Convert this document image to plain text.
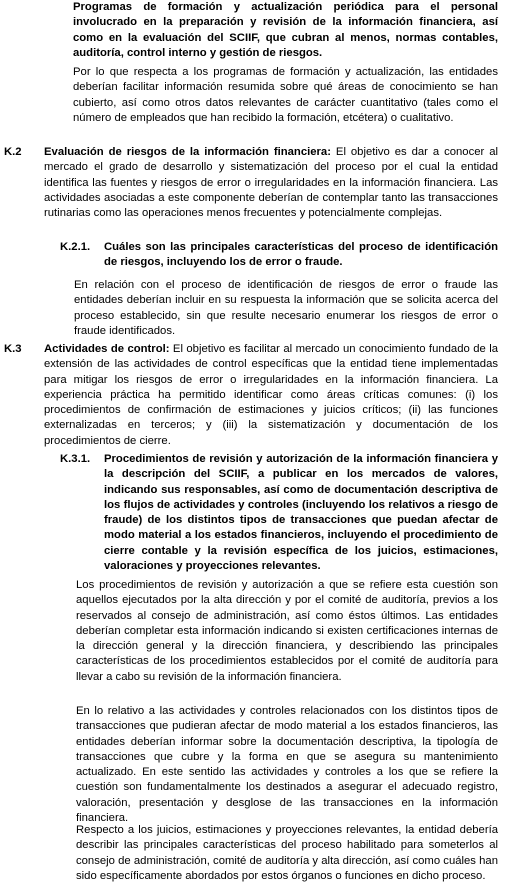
Programas de formación y actualización periódica para el personal involucrado en la preparación y revisión de la información financiera, así como en la evaluación del SCIIF, que cubran al menos, normas contables, auditoría, control interno y gestión de riesgos.

Por lo que respecta a los programas de formación y actualización, las entidades deberían facilitar información resumida sobre qué áreas de conocimiento se han cubierto, así como otros datos relevantes de carácter cuantitativo (tales como el número de empleados que han recibido la formación, etcétera) o cualitativo.

K.2	Evaluación de riesgos de la información financiera: El objetivo es dar a conocer al mercado el grado de desarrollo y sistematización del proceso por el cual la entidad identifica las fuentes y riesgos de error o irregularidades en la información financiera. Las actividades asociadas a este componente deberían de contemplar tanto las transacciones rutinarias como las operaciones menos frecuentes y potencialmente complejas.

K.2.1.	Cuáles son las principales características del proceso de identificación de riesgos, incluyendo los de error o fraude.

En relación con el proceso de identificación de riesgos de error o fraude las entidades deberían incluir en su respuesta la información que se solicita acerca del proceso establecido, sin que resulte necesario enumerar los riesgos de error o fraude identificados.

K.3	Actividades de control: El objetivo es facilitar al mercado un conocimiento fundado de la extensión de las actividades de control específicas que la entidad tiene implementadas para mitigar los riesgos de error o irregularidades en la información financiera. La experiencia práctica ha permitido identificar como áreas críticas comunes: (i) los procedimientos de confirmación de estimaciones y juicios críticos; (ii) las funciones externalizadas en terceros; y (iii) la sistematización y documentación de los procedimientos de cierre.

K.3.1.	Procedimientos de revisión y autorización de la información financiera y la descripción del SCIIF, a publicar en los mercados de valores, indicando sus responsables, así como de documentación descriptiva de los flujos de actividades y controles (incluyendo los relativos a riesgo de fraude) de los distintos tipos de transacciones que puedan afectar de modo material a los estados financieros, incluyendo el procedimiento de cierre contable y la revisión específica de los juicios, estimaciones, valoraciones y proyecciones relevantes.

Los procedimientos de revisión y autorización a que se refiere esta cuestión son aquellos ejecutados por la alta dirección y por el comité de auditoría, previos a los reservados al consejo de administración, así como éstos últimos. Las entidades deberían completar esta información indicando si existen certificaciones internas de la dirección general y la dirección financiera, y describiendo las principales características de los procedimientos establecidos por el comité de auditoría para llevar a cabo su revisión de la información financiera.

En lo relativo a las actividades y controles relacionados con los distintos tipos de transacciones que pudieran afectar de modo material a los estados financieros, las entidades deberían informar sobre la documentación descriptiva, la tipología de transacciones que cubre y la forma en que se asegura su mantenimiento actualizado. En este sentido las actividades y controles a los que se refiere la cuestión son fundamentalmente los destinados a asegurar el adecuado registro, valoración, presentación y desglose de las transacciones en la información financiera.

Respecto a los juicios, estimaciones y proyecciones relevantes, la entidad debería describir las principales características del proceso habilitado para someterlos al consejo de administración, comité de auditoría y alta dirección, así como cuáles han sido específicamente abordados por estos órganos o funciones en dicho proceso.
